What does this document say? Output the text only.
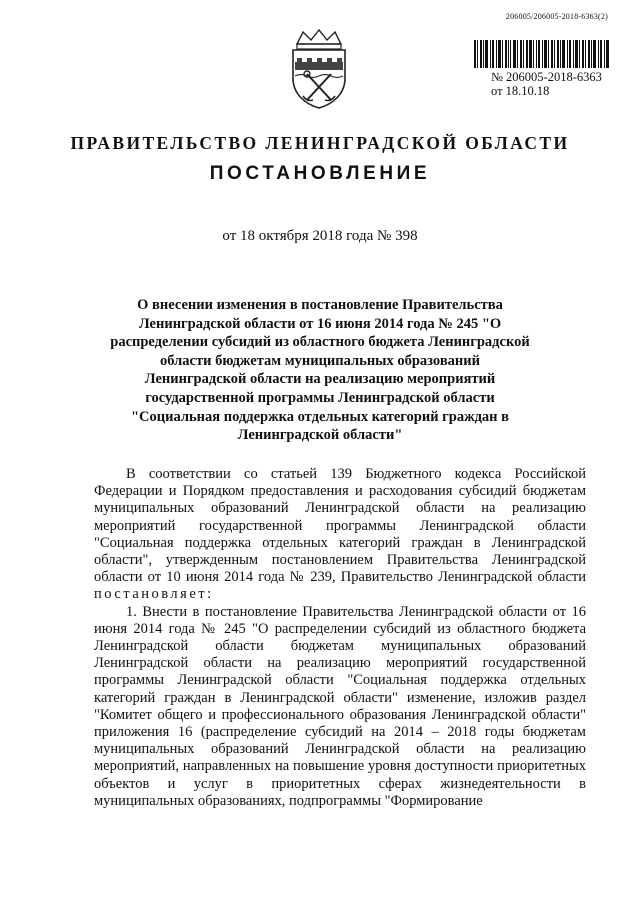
206005/206005-2018-6363(2)
№ 206005-2018-6363
от 18.10.18
ПРАВИТЕЛЬСТВО ЛЕНИНГРАДСКОЙ ОБЛАСТИ
ПОСТАНОВЛЕНИЕ
от 18 октября 2018 года № 398
О внесении изменения в постановление Правительства Ленинградской области от 16 июня 2014 года № 245 "О распределении субсидий из областного бюджета Ленинградской области бюджетам муниципальных образований Ленинградской области на реализацию мероприятий государственной программы Ленинградской области "Социальная поддержка отдельных категорий граждан в Ленинградской области"

В соответствии со статьей 139 Бюджетного кодекса Российской Федерации и Порядком предоставления и расходования субсидий бюджетам муниципальных образований Ленинградской области на реализацию мероприятий государственной программы Ленинградской области "Социальная поддержка отдельных категорий граждан в Ленинградской области", утвержденным постановлением Правительства Ленинградской области от 10 июня 2014 года № 239, Правительство Ленинградской области постановляет:

1. Внести в постановление Правительства Ленинградской области от 16 июня 2014 года № 245 "О распределении субсидий из областного бюджета Ленинградской области бюджетам муниципальных образований Ленинградской области на реализацию мероприятий государственной программы Ленинградской области "Социальная поддержка отдельных категорий граждан в Ленинградской области" изменение, изложив раздел "Комитет общего и профессионального образования Ленинградской области" приложения 16 (распределение субсидий на 2014 – 2018 годы бюджетам муниципальных образований Ленинградской области на реализацию мероприятий, направленных на повышение уровня доступности приоритетных объектов и услуг в приоритетных сферах жизнедеятельности в муниципальных образованиях, подпрограммы "Формирование
